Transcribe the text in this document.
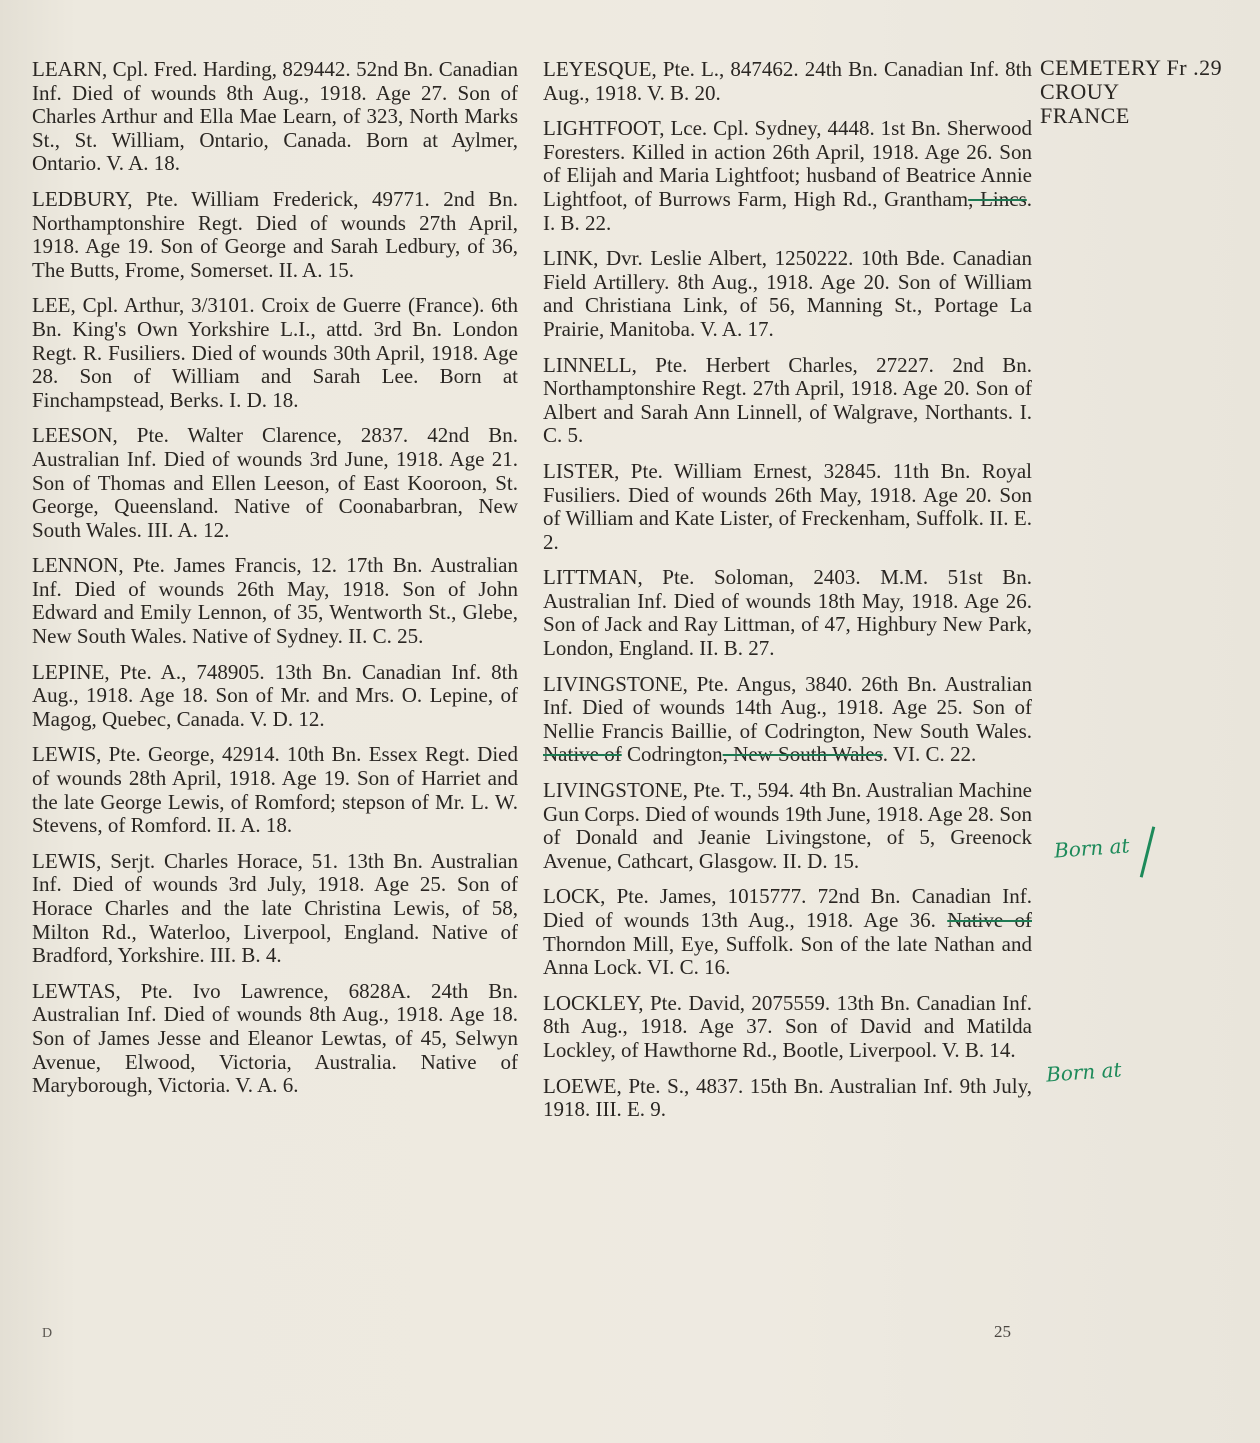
LEARN, Cpl. Fred. Harding, 829442. 52nd Bn. Canadian Inf. Died of wounds 8th Aug., 1918. Age 27. Son of Charles Arthur and Ella Mae Learn, of 323, North Marks St., St. William, Ontario, Canada. Born at Aylmer, Ontario. V. A. 18.

LEDBURY, Pte. William Frederick, 49771. 2nd Bn. Northamptonshire Regt. Died of wounds 27th April, 1918. Age 19. Son of George and Sarah Ledbury, of 36, The Butts, Frome, Somerset. II. A. 15.

LEE, Cpl. Arthur, 3/3101. Croix de Guerre (France). 6th Bn. King's Own Yorkshire L.I., attd. 3rd Bn. London Regt. R. Fusiliers. Died of wounds 30th April, 1918. Age 28. Son of William and Sarah Lee. Born at Finchampstead, Berks. I. D. 18.

LEESON, Pte. Walter Clarence, 2837. 42nd Bn. Australian Inf. Died of wounds 3rd June, 1918. Age 21. Son of Thomas and Ellen Leeson, of East Kooroon, St. George, Queensland. Native of Coonabarbran, New South Wales. III. A. 12.

LENNON, Pte. James Francis, 12. 17th Bn. Australian Inf. Died of wounds 26th May, 1918. Son of John Edward and Emily Lennon, of 35, Wentworth St., Glebe, New South Wales. Native of Sydney. II. C. 25.

LEPINE, Pte. A., 748905. 13th Bn. Canadian Inf. 8th Aug., 1918. Age 18. Son of Mr. and Mrs. O. Lepine, of Magog, Quebec, Canada. V. D. 12.

LEWIS, Pte. George, 42914. 10th Bn. Essex Regt. Died of wounds 28th April, 1918. Age 19. Son of Harriet and the late George Lewis, of Romford; stepson of Mr. L. W. Stevens, of Romford. II. A. 18.

LEWIS, Serjt. Charles Horace, 51. 13th Bn. Australian Inf. Died of wounds 3rd July, 1918. Age 25. Son of Horace Charles and the late Christina Lewis, of 58, Milton Rd., Waterloo, Liverpool, England. Native of Bradford, Yorkshire. III. B. 4.

LEWTAS, Pte. Ivo Lawrence, 6828A. 24th Bn. Australian Inf. Died of wounds 8th Aug., 1918. Age 18. Son of James Jesse and Eleanor Lewtas, of 45, Selwyn Avenue, Elwood, Victoria, Australia. Native of Maryborough, Victoria. V. A. 6.

LEYESQUE, Pte. L., 847462. 24th Bn. Canadian Inf. 8th Aug., 1918. V. B. 20.

LIGHTFOOT, Lce. Cpl. Sydney, 4448. 1st Bn. Sherwood Foresters. Killed in action 26th April, 1918. Age 26. Son of Elijah and Maria Lightfoot; husband of Beatrice Annie Lightfoot, of Burrows Farm, High Rd., Grantham, Lincs. I. B. 22.

LINK, Dvr. Leslie Albert, 1250222. 10th Bde. Canadian Field Artillery. 8th Aug., 1918. Age 20. Son of William and Christiana Link, of 56, Manning St., Portage La Prairie, Manitoba. V. A. 17.

LINNELL, Pte. Herbert Charles, 27227. 2nd Bn. Northamptonshire Regt. 27th April, 1918. Age 20. Son of Albert and Sarah Ann Linnell, of Walgrave, Northants. I. C. 5.

LISTER, Pte. William Ernest, 32845. 11th Bn. Royal Fusiliers. Died of wounds 26th May, 1918. Age 20. Son of William and Kate Lister, of Freckenham, Suffolk. II. E. 2.

LITTMAN, Pte. Soloman, 2403. M.M. 51st Bn. Australian Inf. Died of wounds 18th May, 1918. Age 26. Son of Jack and Ray Littman, of 47, Highbury New Park, London, England. II. B. 27.

LIVINGSTONE, Pte. Angus, 3840. 26th Bn. Australian Inf. Died of wounds 14th Aug., 1918. Age 25. Son of Nellie Francis Baillie, of Codrington, New South Wales. Native of Codrington, New South Wales. VI. C. 22.

LIVINGSTONE, Pte. T., 594. 4th Bn. Australian Machine Gun Corps. Died of wounds 19th June, 1918. Age 28. Son of Donald and Jeanie Livingstone, of 5, Greenock Avenue, Cathcart, Glasgow. II. D. 15.

LOCK, Pte. James, 1015777. 72nd Bn. Canadian Inf. Died of wounds 13th Aug., 1918. Age 36. Native of Thorndon Mill, Eye, Suffolk. Son of the late Nathan and Anna Lock. VI. C. 16.

LOCKLEY, Pte. David, 2075559. 13th Bn. Canadian Inf. 8th Aug., 1918. Age 37. Son of David and Matilda Lockley, of Hawthorne Rd., Bootle, Liverpool. V. B. 14.

LOEWE, Pte. S., 4837. 15th Bn. Australian Inf. 9th July, 1918. III. E. 9.

CEMETERY Fr .29
CROUY
FRANCE
Born at
Born at
D	25
